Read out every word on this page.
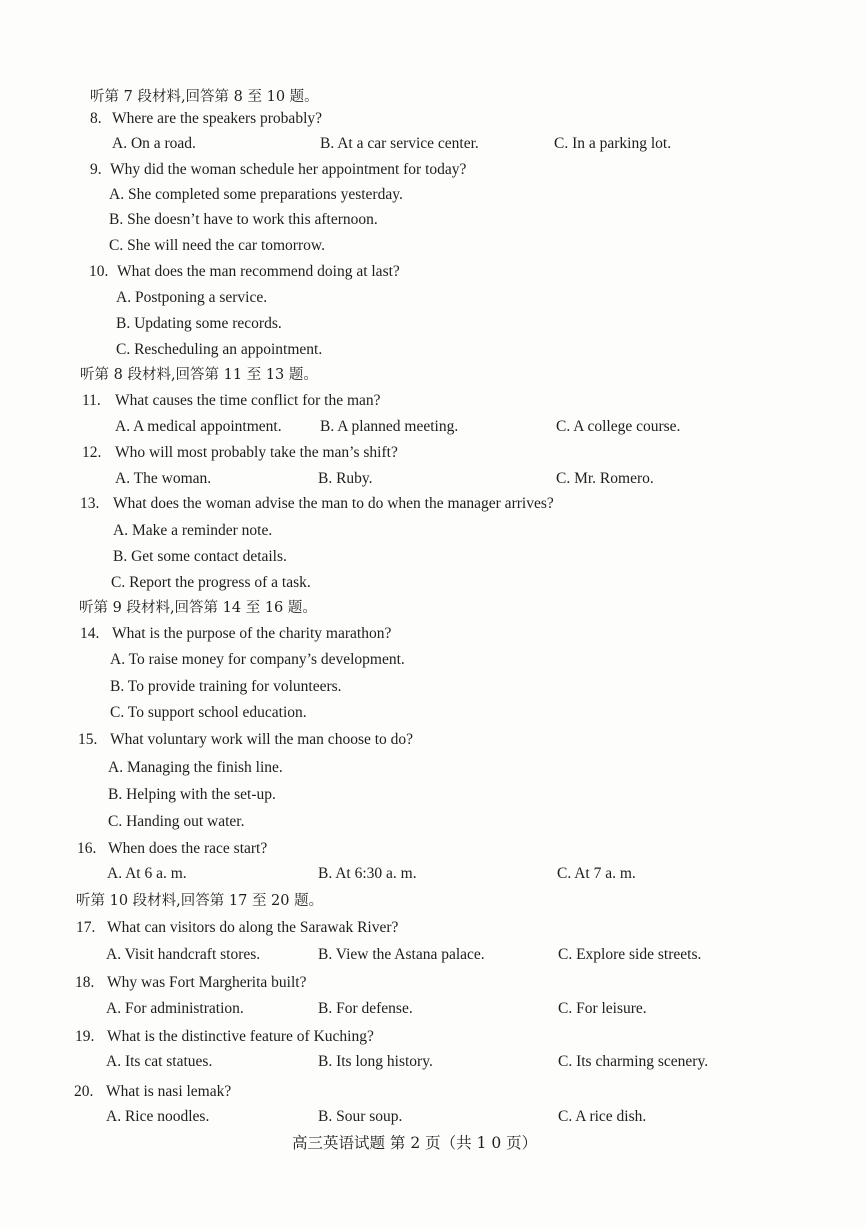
听第 7 段材料,回答第 8 至 10 题。
8. Where are the speakers probably?
A. On a road.	B. At a car service center.	C. In a parking lot.
9. Why did the woman schedule her appointment for today?
A. She completed some preparations yesterday.
B. She doesn’t have to work this afternoon.
C. She will need the car tomorrow.
10. What does the man recommend doing at last?
A. Postponing a service.
B. Updating some records.
C. Rescheduling an appointment.
听第 8 段材料,回答第 11 至 13 题。
11. What causes the time conflict for the man?
A. A medical appointment. B. A planned meeting.	C. A college course.
12. Who will most probably take the man’s shift?
A. The woman.	B. Ruby.	C. Mr. Romero.
13. What does the woman advise the man to do when the manager arrives?
A. Make a reminder note.
B. Get some contact details.
C. Report the progress of a task.
听第 9 段材料,回答第 14 至 16 题。
14. What is the purpose of the charity marathon?
A. To raise money for company’s development.
B. To provide training for volunteers.
C. To support school education.
15. What voluntary work will the man choose to do?
A. Managing the finish line.
B. Helping with the set-up.
C. Handing out water.
16. When does the race start?
A. At 6 a. m.	B. At 6:30 a. m.	C. At 7 a. m.
听第 10 段材料,回答第 17 至 20 题。
17. What can visitors do along the Sarawak River?
A. Visit handcraft stores.	B. View the Astana palace.	C. Explore side streets.
18. Why was Fort Margherita built?
A. For administration.	B. For defense.	C. For leisure.
19. What is the distinctive feature of Kuching?
A. Its cat statues.	B. Its long history.	C. Its charming scenery.
20. What is nasi lemak?
A. Rice noodles.	B. Sour soup.	C. A rice dish.
高三英语试题 第 2 页（共 1 0 页）
